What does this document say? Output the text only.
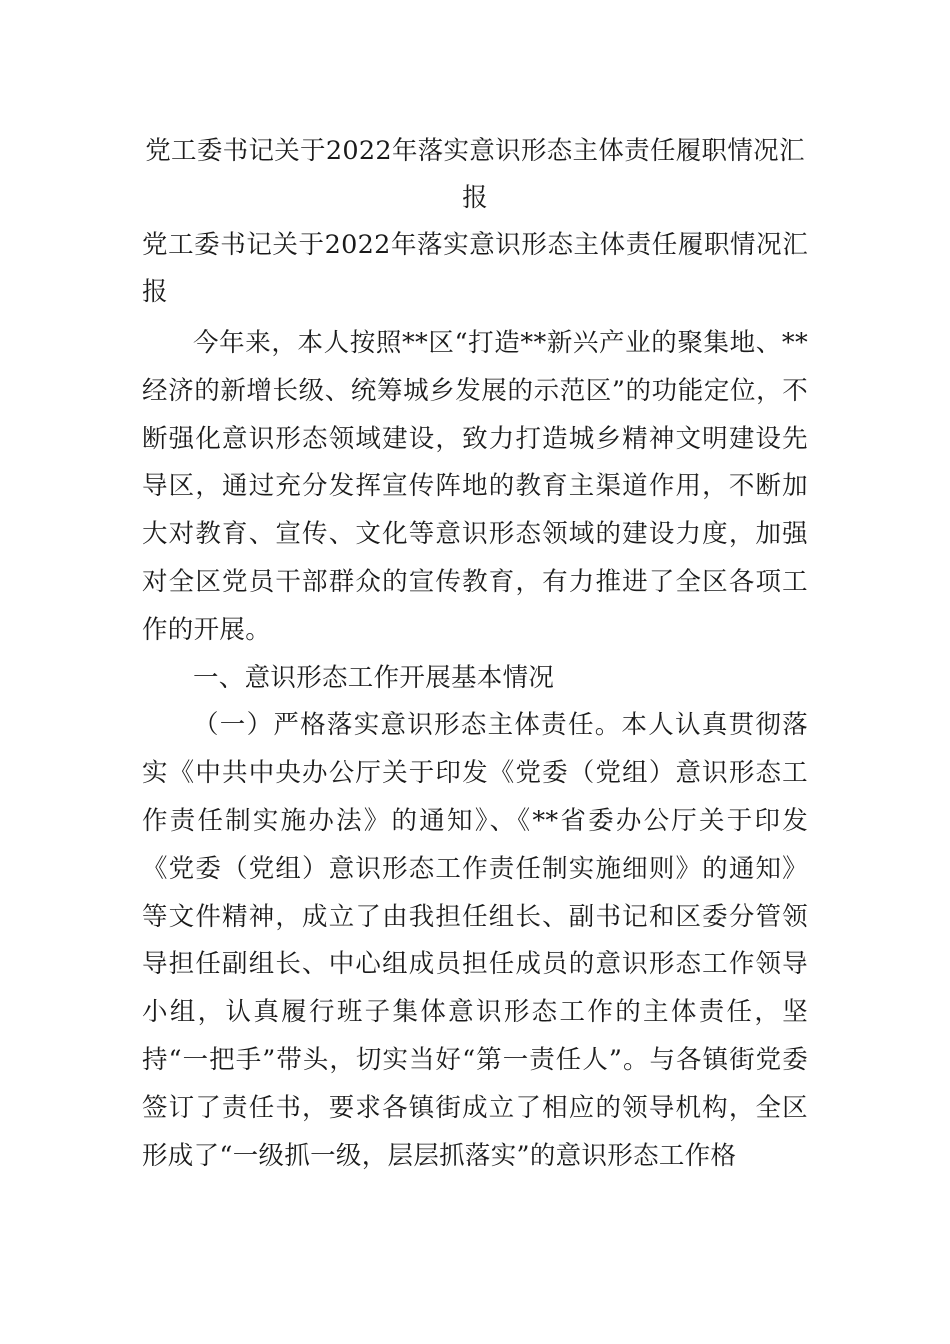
党工委书记关于2022年落实意识形态主体责任履职情况汇报

党工委书记关于2022年落实意识形态主体责任履职情况汇报

今年来，本人按照**区“打造**新兴产业的聚集地、**经济的新增长级、统筹城乡发展的示范区”的功能定位，不断强化意识形态领域建设，致力打造城乡精神文明建设先导区，通过充分发挥宣传阵地的教育主渠道作用，不断加大对教育、宣传、文化等意识形态领域的建设力度，加强对全区党员干部群众的宣传教育，有力推进了全区各项工作的开展。

一、意识形态工作开展基本情况

（一）严格落实意识形态主体责任。本人认真贯彻落实《中共中央办公厅关于印发《党委（党组）意识形态工作责任制实施办法》的通知》、《**省委办公厅关于印发《党委（党组）意识形态工作责任制实施细则》的通知》等文件精神，成立了由我担任组长、副书记和区委分管领导担任副组长、中心组成员担任成员的意识形态工作领导小组，认真履行班子集体意识形态工作的主体责任，坚持“一把手”带头，切实当好“第一责任人”。与各镇街党委签订了责任书，要求各镇街成立了相应的领导机构，全区形成了“一级抓一级，层层抓落实”的意识形态工作格
